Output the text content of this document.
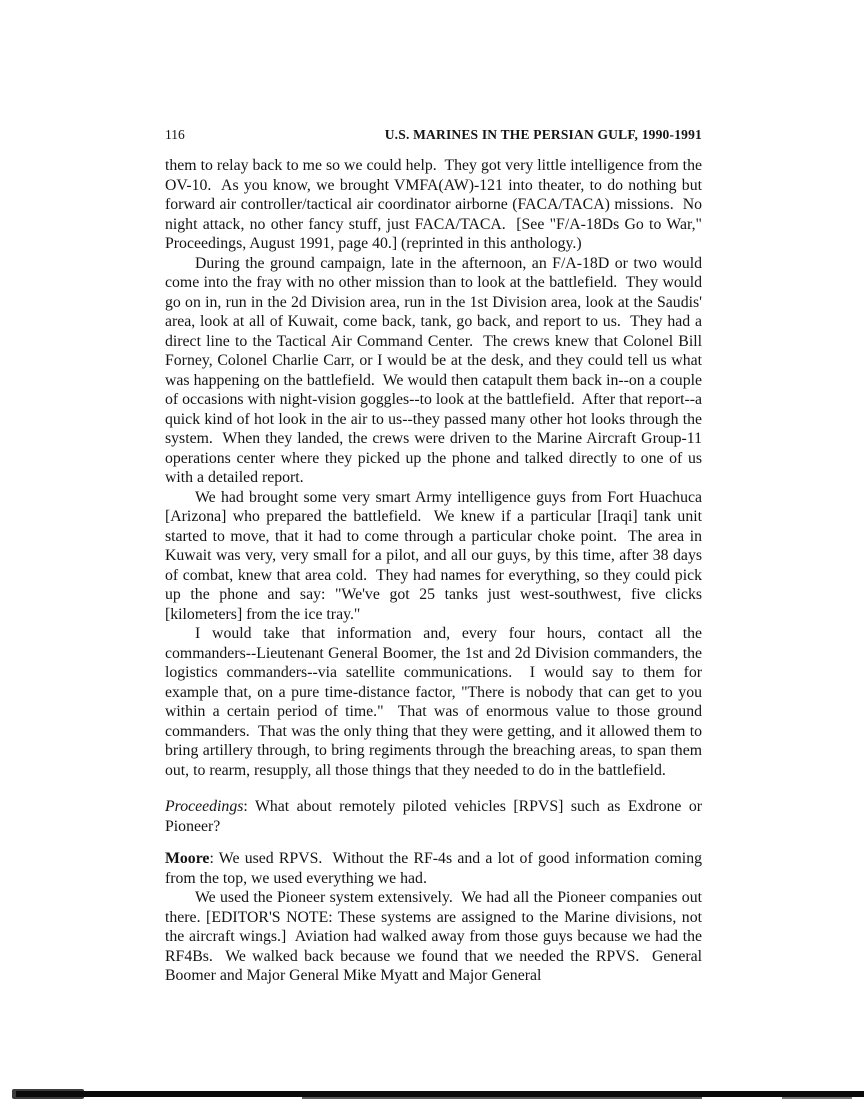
116	U.S. MARINES IN THE PERSIAN GULF, 1990-1991

them to relay back to me so we could help.  They got very little intelligence from the OV-10.  As you know, we brought VMFA(AW)-121 into theater, to do nothing but forward air controller/tactical air coordinator airborne (FACA/TACA) missions.  No night attack, no other fancy stuff, just FACA/TACA.  [See "F/A-18Ds Go to War," Proceedings, August 1991, page 40.] (reprinted in this anthology.)

During the ground campaign, late in the afternoon, an F/A-18D or two would come into the fray with no other mission than to look at the battlefield.  They would go on in, run in the 2d Division area, run in the 1st Division area, look at the Saudis' area, look at all of Kuwait, come back, tank, go back, and report to us.  They had a direct line to the Tactical Air Command Center.  The crews knew that Colonel Bill Forney, Colonel Charlie Carr, or I would be at the desk, and they could tell us what was happening on the battlefield.  We would then catapult them back in--on a couple of occasions with night-vision goggles--to look at the battlefield.  After that report--a quick kind of hot look in the air to us--they passed many other hot looks through the system.  When they landed, the crews were driven to the Marine Aircraft Group-11 operations center where they picked up the phone and talked directly to one of us with a detailed report.

We had brought some very smart Army intelligence guys from Fort Huachuca [Arizona] who prepared the battlefield.  We knew if a particular [Iraqi] tank unit started to move, that it had to come through a particular choke point.  The area in Kuwait was very, very small for a pilot, and all our guys, by this time, after 38 days of combat, knew that area cold.  They had names for everything, so they could pick up the phone and say: "We've got 25 tanks just west-southwest, five clicks [kilometers] from the ice tray."

I would take that information and, every four hours, contact all the commanders--Lieutenant General Boomer, the 1st and 2d Division commanders, the logistics commanders--via satellite communications.  I would say to them for example that, on a pure time-distance factor, "There is nobody that can get to you within a certain period of time."  That was of enormous value to those ground commanders.  That was the only thing that they were getting, and it allowed them to bring artillery through, to bring regiments through the breaching areas, to span them out, to rearm, resupply, all those things that they needed to do in the battlefield.

Proceedings: What about remotely piloted vehicles [RPVS] such as Exdrone or Pioneer?

Moore: We used RPVS.  Without the RF-4s and a lot of good information coming from the top, we used everything we had.

We used the Pioneer system extensively.  We had all the Pioneer companies out there. [EDITOR'S NOTE: These systems are assigned to the Marine divisions, not the aircraft wings.]  Aviation had walked away from those guys because we had the RF4Bs.  We walked back because we found that we needed the RPVS.  General Boomer and Major General Mike Myatt and Major General
